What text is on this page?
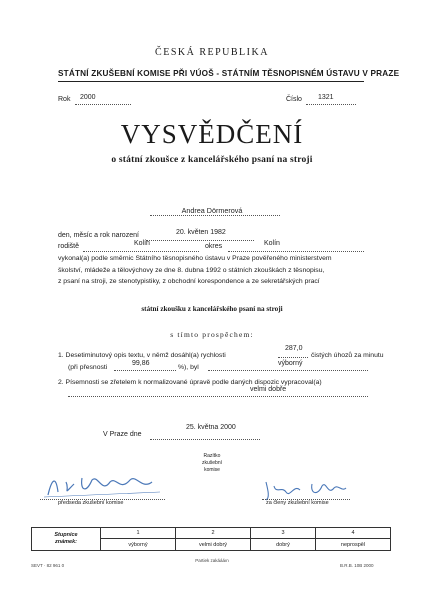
ČESKÁ REPUBLIKA
STÁTNÍ ZKUŠEBNÍ KOMISE PŘI VÚOŠ - STÁTNÍM TĚSNOPISNÉM ÚSTAVU V PRAZE
Rok 2000	Číslo 1321
VYSVĚDČENÍ
o státní zkoušce z kancelářského psaní na stroji
Andrea Dörmerová
den, měsíc a rok narození	20. květen 1982
rodiště	Kolín	okres	Kolín
vykonal(a) podle směrnic Státního těsnopisného ústavu v Praze pověřeného ministerstvem
školství, mládeže a tělovýchovy ze dne 8. dubna 1992 o státních zkouškách z těsnopisu,
z psaní na stroji, ze stenotypistiky, z obchodní korespondence a ze sekretářských prací
státní zkoušku z kancelářského psaní na stroji
s tímto prospěchem:
1. Desetiminutový opis textu, v němž dosáhl(a) rychlosti
287,0
čistých úhozů za minutu
(při přesnosti
99,86
%), byl
výborný
2. Písemnosti se zřetelem k normalizované úpravě podle daných dispozic vypracoval(a)
velmi dobře
V Praze dne
25. května 2000
Razítko
zkušební
komise
předseda zkušební komise	za členy zkušební komise
Stupnice
známek:	1	2	3	4
	výborný	velmi dobrý	dobrý	neprospěl
SEVT · 82 961 0
Partiek zakáááın
B.R.B. 10B 2000
